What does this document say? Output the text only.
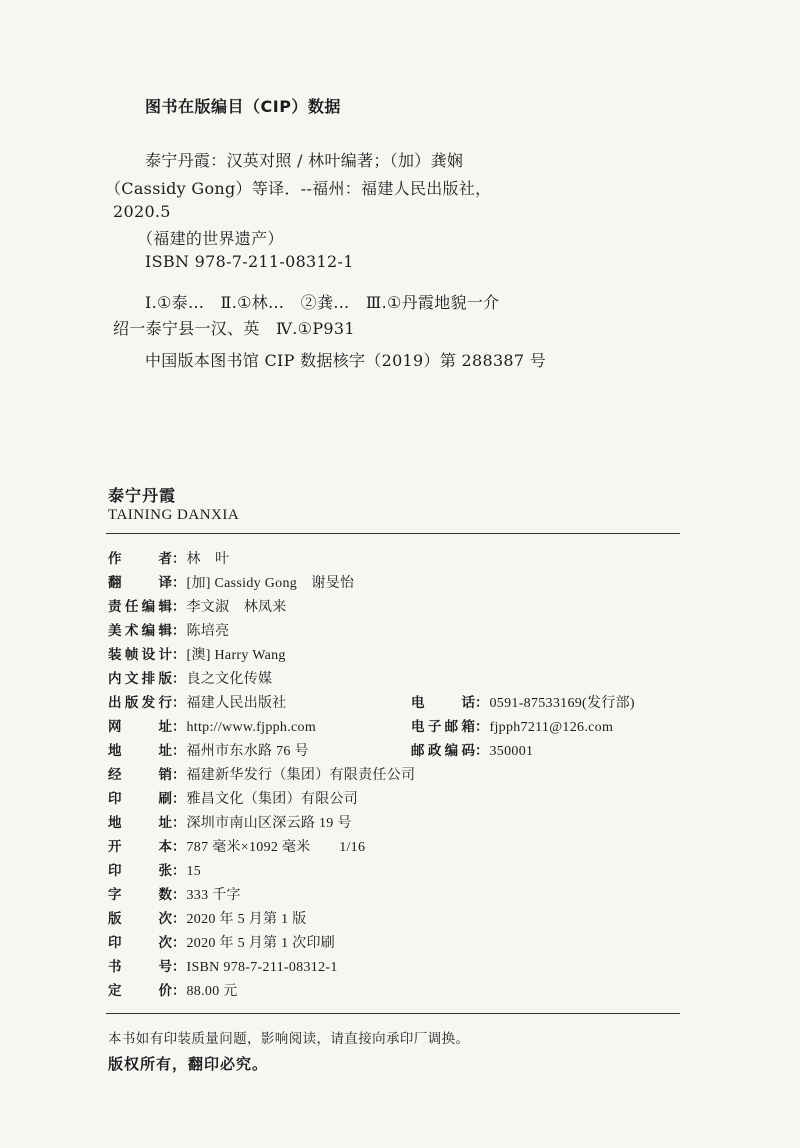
图书在版编目（CIP）数据
泰宁丹霞：汉英对照 / 林叶编著；（加）龚娴
（Cassidy Gong）等译．--福州：福建人民出版社，
2020.5
（福建的世界遗产）
ISBN 978-7-211-08312-1
Ⅰ.①泰…　Ⅱ.①林…　②龚…　Ⅲ.①丹霞地貌一介
绍一泰宁县一汉、英　Ⅳ.①P931
中国版本图书馆 CIP 数据核字（2019）第 288387 号
泰宁丹霞
TAINING DANXIA
作者 ： 林　叶
翻译 ： [加] Cassidy Gong　谢旻怡
责任编辑 ： 李文淑　林凤来
美术编辑 ： 陈培亮
装帧设计 ： [澳] Harry Wang
内文排版 ： 良之文化传媒
出版发行 ： 福建人民出版社
网址 ： http://www.fjpph.com
地址 ： 福州市东水路 76 号
经销 ： 福建新华发行（集团）有限责任公司
印刷 ： 雅昌文化（集团）有限公司
地址 ： 深圳市南山区深云路 19 号
开本 ： 787 毫米×1092 毫米　　1/16
印张 ： 15
字数 ： 333 千字
版次 ： 2020 年 5 月第 1 版
印次 ： 2020 年 5 月第 1 次印刷
书号 ： ISBN 978-7-211-08312-1
定价 ： 88.00 元
电话 ： 0591-87533169(发行部)
电子邮箱 ： fjpph7211@126.com
邮政编码 ： 350001
本书如有印装质量问题，影响阅读，请直接向承印厂调换。
版权所有，翻印必究。
